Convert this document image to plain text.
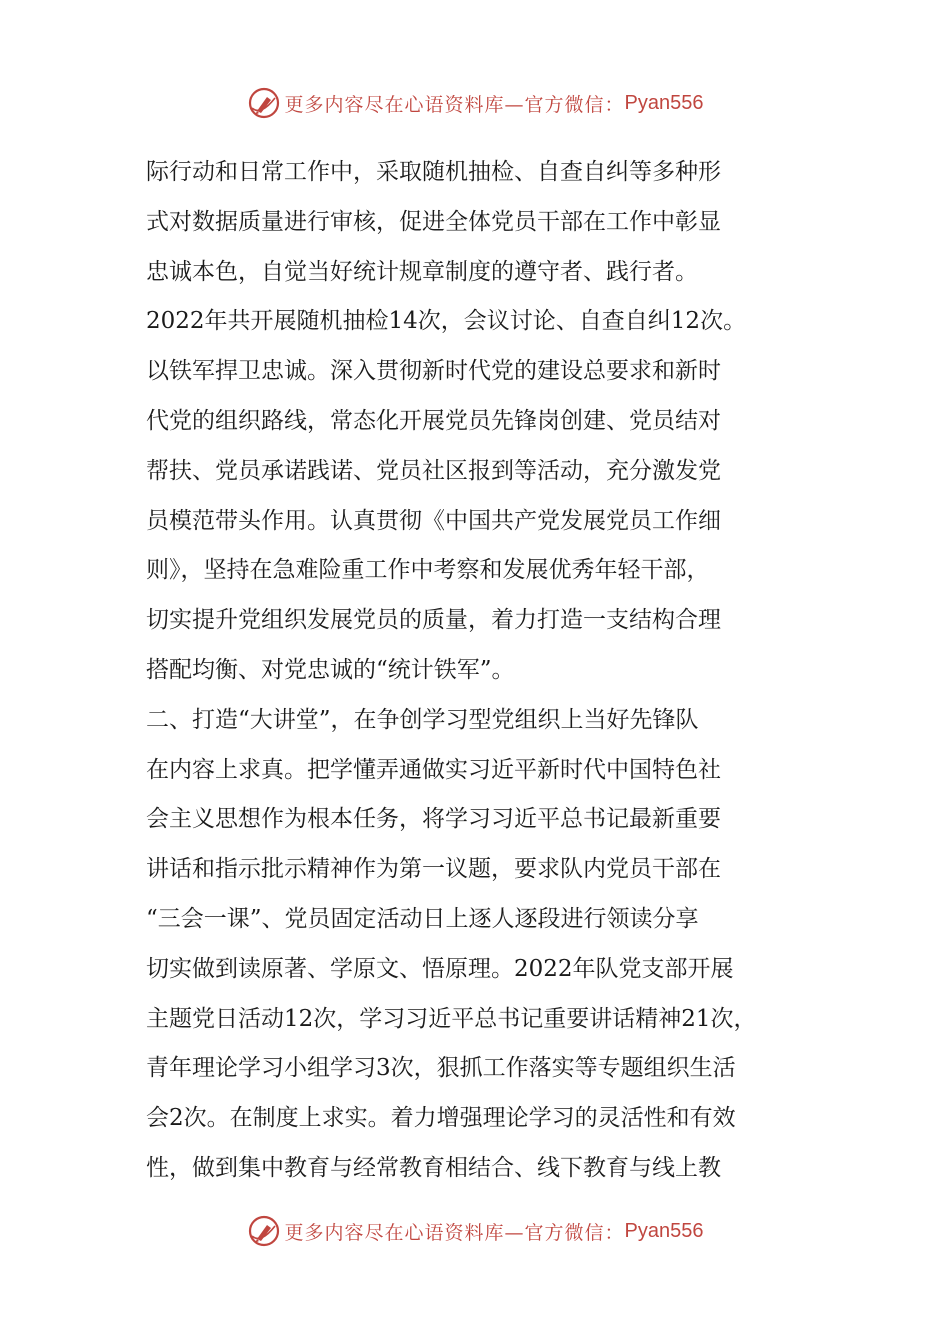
更多内容尽在心语资料库—官方微信： Pyan556
际行动和日常工作中，采取随机抽检、自查自纠等多种形
式对数据质量进行审核，促进全体党员干部在工作中彰显
忠诚本色，自觉当好统计规章制度的遵守者、践行者。
2022年共开展随机抽检14次，会议讨论、自查自纠12次。
以铁军捍卫忠诚。深入贯彻新时代党的建设总要求和新时
代党的组织路线，常态化开展党员先锋岗创建、党员结对
帮扶、党员承诺践诺、党员社区报到等活动，充分激发党
员模范带头作用。认真贯彻《中国共产党发展党员工作细
则》，坚持在急难险重工作中考察和发展优秀年轻干部，
切实提升党组织发展党员的质量，着力打造一支结构合理
搭配均衡、对党忠诚的“统计铁军”。
二、打造“大讲堂”，在争创学习型党组织上当好先锋队
在内容上求真。把学懂弄通做实习近平新时代中国特色社
会主义思想作为根本任务，将学习习近平总书记最新重要
讲话和指示批示精神作为第一议题，要求队内党员干部在
“三会一课”、党员固定活动日上逐人逐段进行领读分享
切实做到读原著、学原文、悟原理。2022年队党支部开展
主题党日活动12次，学习习近平总书记重要讲话精神21次，
青年理论学习小组学习3次，狠抓工作落实等专题组织生活
会2次。在制度上求实。着力增强理论学习的灵活性和有效
性，做到集中教育与经常教育相结合、线下教育与线上教
更多内容尽在心语资料库—官方微信： Pyan556
